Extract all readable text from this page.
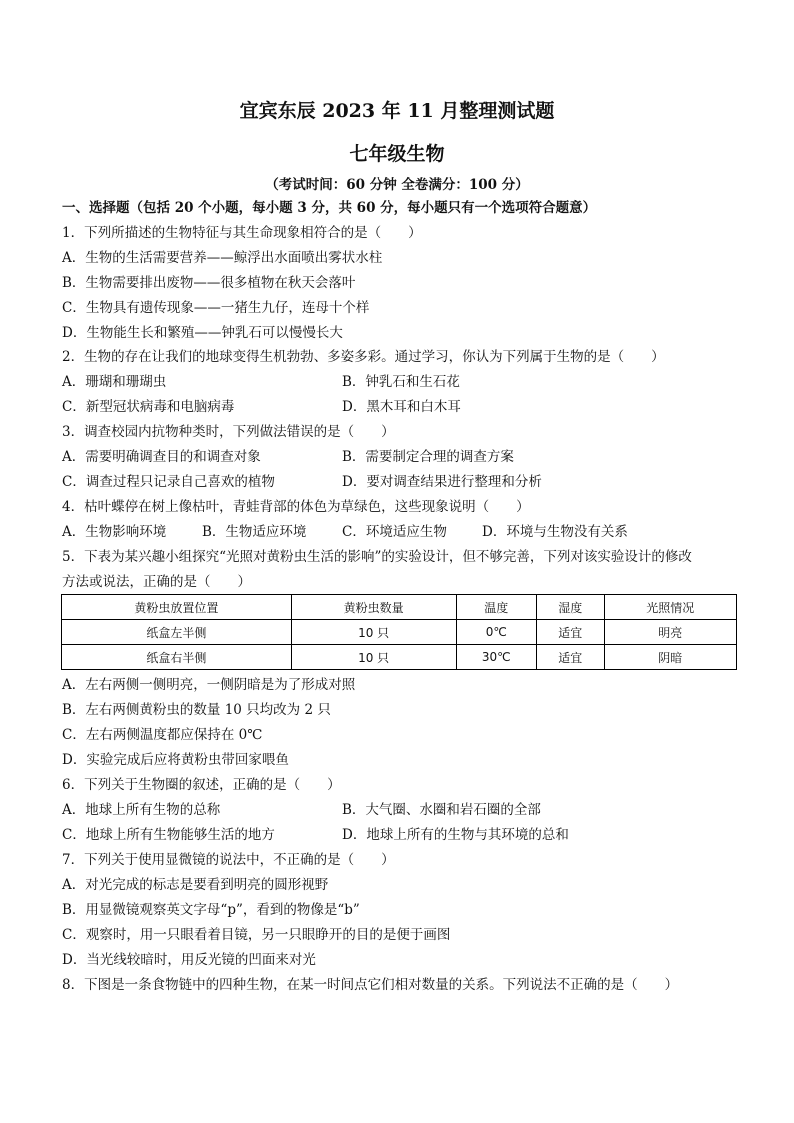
宜宾东辰 2023 年 11 月整理测试题
七年级生物
（考试时间：60 分钟 全卷满分：100 分）
一、选择题（包括 20 个小题，每小题 3 分，共 60 分，每小题只有一个选项符合题意）
1．下列所描述的生物特征与其生命现象相符合的是（　　）
A．生物的生活需要营养——鲸浮出水面喷出雾状水柱
B．生物需要排出废物——很多植物在秋天会落叶
C．生物具有遗传现象——一猪生九仔，连母十个样
D．生物能生长和繁殖——钟乳石可以慢慢长大
2．生物的存在让我们的地球变得生机勃勃、多姿多彩。通过学习，你认为下列属于生物的是（　　）
A．珊瑚和珊瑚虫	B．钟乳石和生石花
C．新型冠状病毒和电脑病毒	D．黑木耳和白木耳
3．调查校园内抗物种类时，下列做法错误的是（　　）
A．需要明确调查目的和调查对象	B．需要制定合理的调查方案
C．调查过程只记录自己喜欢的植物	D．要对调查结果进行整理和分析
4．枯叶蝶停在树上像枯叶，青蛙背部的体色为草绿色，这些现象说明（　　）
A．生物影响环境	B．生物适应环境	C．环境适应生物	D．环境与生物没有关系
5．下表为某兴趣小组探究“光照对黄粉虫生活的影响”的实验设计，但不够完善，下列对该实验设计的修改
方法或说法，正确的是（　　）
黄粉虫放置位置	黄粉虫数量	温度	湿度	光照情况
纸盒左半侧	10 只	0℃	适宜	明亮
纸盒右半侧	10 只	30℃	适宜	阴暗
A．左右两侧一侧明亮，一侧阴暗是为了形成对照
B．左右两侧黄粉虫的数量 10 只均改为 2 只
C．左右两侧温度都应保持在 0℃
D．实验完成后应将黄粉虫带回家喂鱼
6．下列关于生物圈的叙述，正确的是（　　）
A．地球上所有生物的总称	B．大气圈、水圈和岩石圈的全部
C．地球上所有生物能够生活的地方	D．地球上所有的生物与其环境的总和
7．下列关于使用显微镜的说法中，不正确的是（　　）
A．对光完成的标志是要看到明亮的圆形视野
B．用显微镜观察英文字母“p”，看到的物像是“b”
C．观察时，用一只眼看着目镜，另一只眼睁开的目的是便于画图
D．当光线较暗时，用反光镜的凹面来对光
8．下图是一条食物链中的四种生物，在某一时间点它们相对数量的关系。下列说法不正确的是（　　）
